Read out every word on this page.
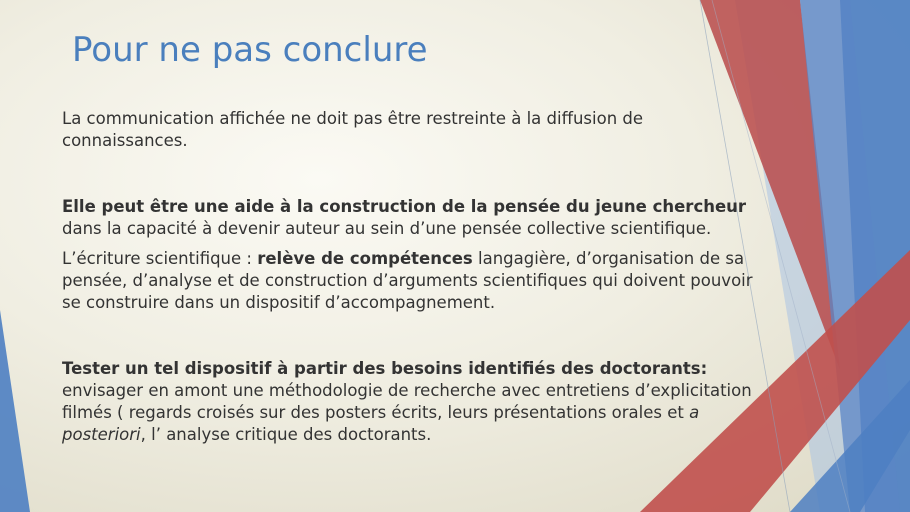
Pour ne pas conclure

La communication affichée ne doit pas être restreinte à la diffusion de connaissances.

Elle peut être une aide à la construction de la pensée du jeune chercheur dans la capacité à devenir auteur au sein d’une pensée collective scientifique.

L’écriture scientifique : relève de compétences langagière, d’organisation de sa pensée, d’analyse et de construction d’arguments scientifiques qui doivent pouvoir se construire dans un dispositif d’accompagnement.

Tester un tel dispositif à partir des besoins identifiés des doctorants: envisager en amont une méthodologie de recherche avec entretiens d’explicitation filmés ( regards croisés sur des posters écrits, leurs présentations orales et a posteriori, l’ analyse critique des doctorants.
